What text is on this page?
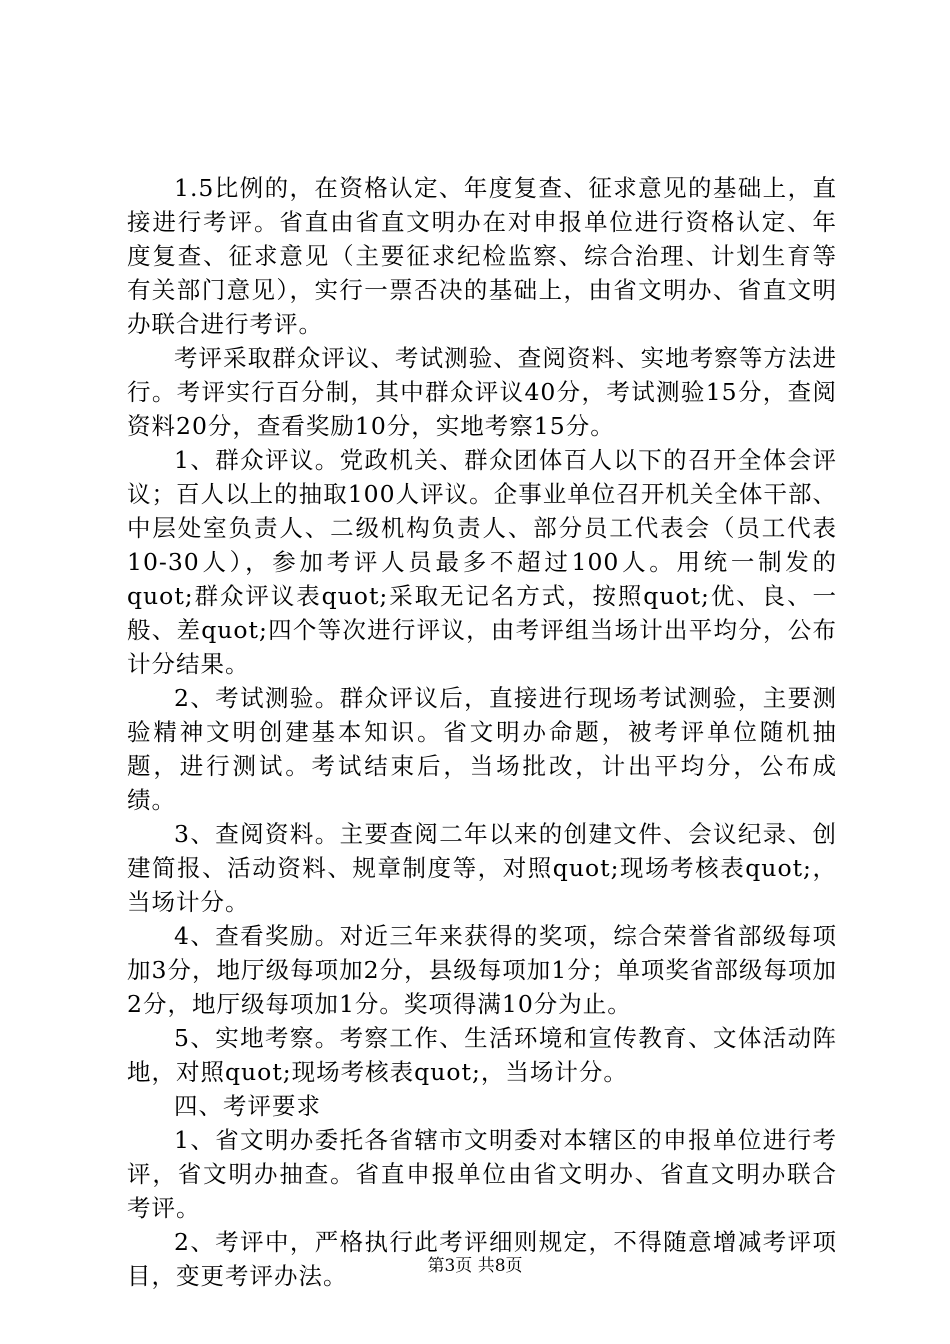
1.5比例的，在资格认定、年度复查、征求意见的基础上，直接进行考评。省直由省直文明办在对申报单位进行资格认定、年度复查、征求意见（主要征求纪检监察、综合治理、计划生育等有关部门意见），实行一票否决的基础上，由省文明办、省直文明办联合进行考评。

考评采取群众评议、考试测验、查阅资料、实地考察等方法进行。考评实行百分制，其中群众评议40分，考试测验15分，查阅资料20分，查看奖励10分，实地考察15分。

1、群众评议。党政机关、群众团体百人以下的召开全体会评议；百人以上的抽取100人评议。企事业单位召开机关全体干部、中层处室负责人、二级机构负责人、部分员工代表会（员工代表10-30人），参加考评人员最多不超过100人。用统一制发的quot;群众评议表quot;采取无记名方式，按照quot;优、良、一般、差quot;四个等次进行评议，由考评组当场计出平均分，公布计分结果。

2、考试测验。群众评议后，直接进行现场考试测验，主要测验精神文明创建基本知识。省文明办命题，被考评单位随机抽题，进行测试。考试结束后，当场批改，计出平均分，公布成绩。

3、查阅资料。主要查阅二年以来的创建文件、会议纪录、创建简报、活动资料、规章制度等，对照quot;现场考核表quot;，当场计分。

4、查看奖励。对近三年来获得的奖项，综合荣誉省部级每项加3分，地厅级每项加2分，县级每项加1分；单项奖省部级每项加2分，地厅级每项加1分。奖项得满10分为止。

5、实地考察。考察工作、生活环境和宣传教育、文体活动阵地，对照quot;现场考核表quot;，当场计分。

四、考评要求

1、省文明办委托各省辖市文明委对本辖区的申报单位进行考评，省文明办抽查。省直申报单位由省文明办、省直文明办联合考评。

2、考评中，严格执行此考评细则规定，不得随意增减考评项目，变更考评办法。	第3页 共8页
